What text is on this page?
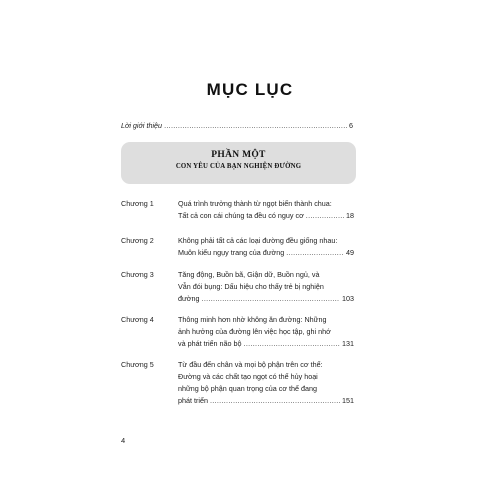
MỤC LỤC
Lời giới thiệu .....	6
PHẦN MỘT
CON YÊU CỦA BẠN NGHIỆN ĐƯỜNG
Chương 1	Quá trình trưởng thành từ ngọt biến thành chua:
Tất cả con cái chúng ta đều có nguy cơ .....	18
Chương 2	Không phải tất cả các loại đường đều giống nhau:
Muôn kiểu ngụy trang của đường .....	49
Chương 3	Tăng động, Buồn bã, Giận dữ, Buồn ngủ, và
Vẫn đói bụng: Dấu hiệu cho thấy trẻ bị nghiện
đường .....	103
Chương 4	Thông minh hơn nhờ không ăn đường: Những
ảnh hưởng của đường lên việc học tập, ghi nhớ
và phát triển não bộ .....	131
Chương 5	Từ đầu đến chân và mọi bộ phận trên cơ thể:
Đường và các chất tạo ngọt có thể hủy hoại
những bộ phận quan trọng của cơ thể đang
phát triển .....	151
4
